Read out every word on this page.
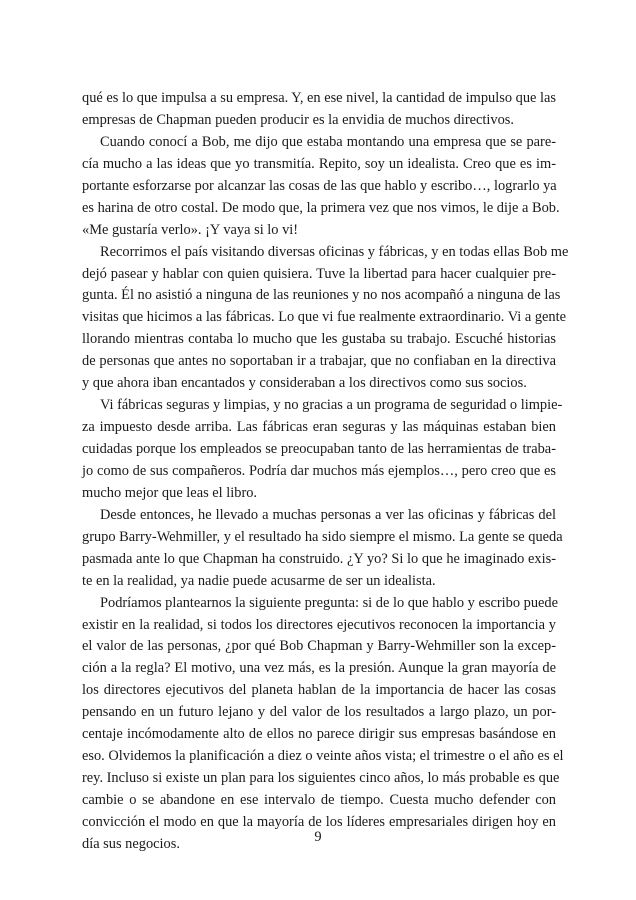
qué es lo que impulsa a su empresa. Y, en ese nivel, la cantidad de impulso que las
empresas de Chapman pueden producir es la envidia de muchos directivos.
Cuando conocí a Bob, me dijo que estaba montando una empresa que se pare-
cía mucho a las ideas que yo transmitía. Repito, soy un idealista. Creo que es im-
portante esforzarse por alcanzar las cosas de las que hablo y escribo…, lograrlo ya
es harina de otro costal. De modo que, la primera vez que nos vimos, le dije a Bob.
«Me gustaría verlo». ¡Y vaya si lo vi!
Recorrimos el país visitando diversas oficinas y fábricas, y en todas ellas Bob me
dejó pasear y hablar con quien quisiera. Tuve la libertad para hacer cualquier pre-
gunta. Él no asistió a ninguna de las reuniones y no nos acompañó a ninguna de las
visitas que hicimos a las fábricas. Lo que vi fue realmente extraordinario. Vi a gente
llorando mientras contaba lo mucho que les gustaba su trabajo. Escuché historias
de personas que antes no soportaban ir a trabajar, que no confiaban en la directiva
y que ahora iban encantados y consideraban a los directivos como sus socios.
Vi fábricas seguras y limpias, y no gracias a un programa de seguridad o limpie-
za impuesto desde arriba. Las fábricas eran seguras y las máquinas estaban bien
cuidadas porque los empleados se preocupaban tanto de las herramientas de traba-
jo como de sus compañeros. Podría dar muchos más ejemplos…, pero creo que es
mucho mejor que leas el libro.
Desde entonces, he llevado a muchas personas a ver las oficinas y fábricas del
grupo Barry-Wehmiller, y el resultado ha sido siempre el mismo. La gente se queda
pasmada ante lo que Chapman ha construido. ¿Y yo? Si lo que he imaginado exis-
te en la realidad, ya nadie puede acusarme de ser un idealista.
Podríamos plantearnos la siguiente pregunta: si de lo que hablo y escribo puede
existir en la realidad, si todos los directores ejecutivos reconocen la importancia y
el valor de las personas, ¿por qué Bob Chapman y Barry-Wehmiller son la excep-
ción a la regla? El motivo, una vez más, es la presión. Aunque la gran mayoría de
los directores ejecutivos del planeta hablan de la importancia de hacer las cosas
pensando en un futuro lejano y del valor de los resultados a largo plazo, un por-
centaje incómodamente alto de ellos no parece dirigir sus empresas basándose en
eso. Olvidemos la planificación a diez o veinte años vista; el trimestre o el año es el
rey. Incluso si existe un plan para los siguientes cinco años, lo más probable es que
cambie o se abandone en ese intervalo de tiempo. Cuesta mucho defender con
convicción el modo en que la mayoría de los líderes empresariales dirigen hoy en
día sus negocios.	9
